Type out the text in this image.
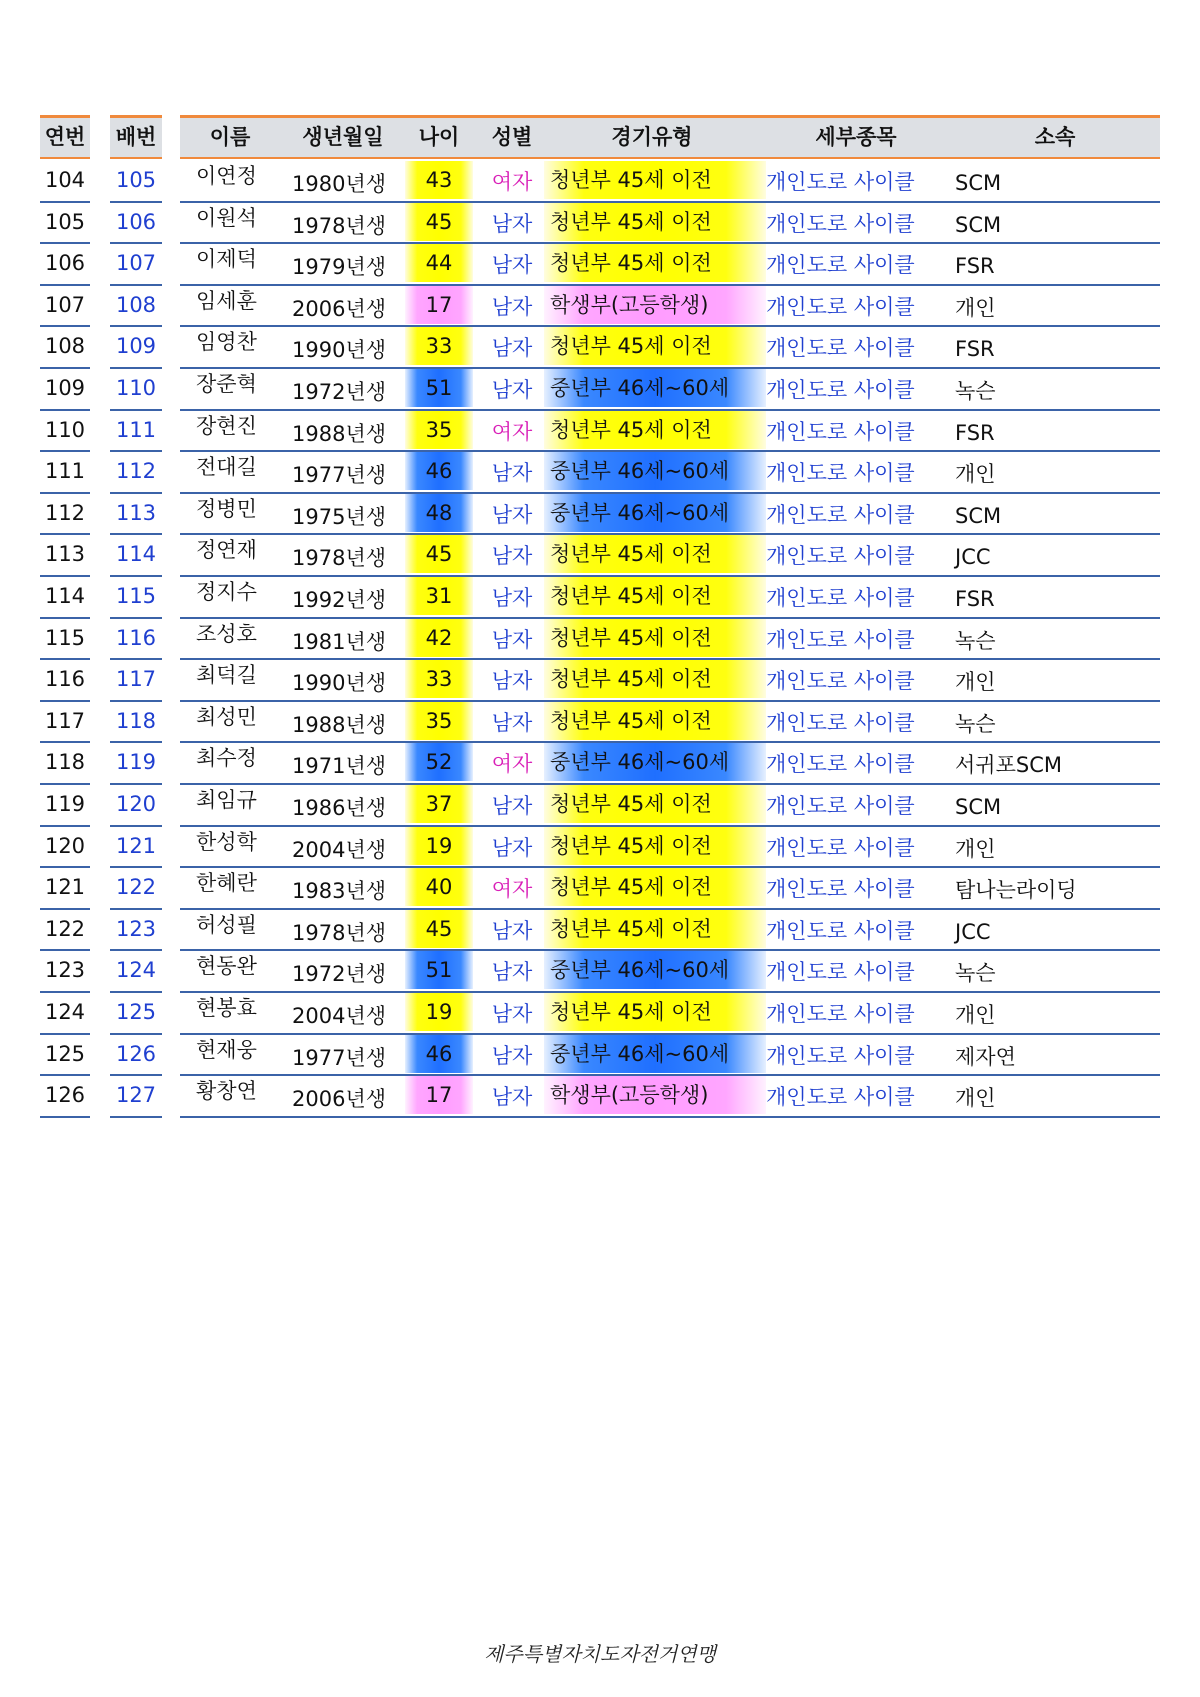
연번 배번	이름	생년월일	나이	성별	경기유형	세부종목	소속
104 105	이연정	1980년생	43	여자 청년부 45세 이전	개인도로 사이클	SCM
105 106	이원석	1978년생	45	남자 청년부 45세 이전	개인도로 사이클	SCM
106 107	이제덕	1979년생	44	남자 청년부 45세 이전	개인도로 사이클	FSR
107 108	임세훈	2006년생	17	남자 학생부(고등학생)	개인도로 사이클	개인
108 109	임영찬	1990년생	33	남자 청년부 45세 이전	개인도로 사이클	FSR
109 110	장준혁	1972년생	51	남자 중년부 46세~60세	개인도로 사이클	녹슨
110 111	장현진	1988년생	35	여자 청년부 45세 이전	개인도로 사이클	FSR
111 112	전대길	1977년생	46	남자 중년부 46세~60세	개인도로 사이클	개인
112 113	정병민	1975년생	48	남자 중년부 46세~60세	개인도로 사이클	SCM
113 114	정연재	1978년생	45	남자 청년부 45세 이전	개인도로 사이클	JCC
114 115	정지수	1992년생	31	남자 청년부 45세 이전	개인도로 사이클	FSR
115 116	조성호	1981년생	42	남자 청년부 45세 이전	개인도로 사이클	녹슨
116 117	최덕길	1990년생	33	남자 청년부 45세 이전	개인도로 사이클	개인
117 118	최성민	1988년생	35	남자 청년부 45세 이전	개인도로 사이클	녹슨
118 119	최수정	1971년생	52	여자 중년부 46세~60세	개인도로 사이클	서귀포SCM
119 120	최임규	1986년생	37	남자 청년부 45세 이전	개인도로 사이클	SCM
120 121	한성학	2004년생	19	남자 청년부 45세 이전	개인도로 사이클	개인
121 122	한혜란	1983년생	40	여자 청년부 45세 이전	개인도로 사이클	탐나는라이딩
122 123	허성필	1978년생	45	남자 청년부 45세 이전	개인도로 사이클	JCC
123 124	현동완	1972년생	51	남자 중년부 46세~60세	개인도로 사이클	녹슨
124 125	현봉효	2004년생	19	남자 청년부 45세 이전	개인도로 사이클	개인
125 126	현재웅	1977년생	46	남자 중년부 46세~60세	개인도로 사이클	제자연
126 127	황창연	2006년생	17	남자 학생부(고등학생)	개인도로 사이클	개인
제주특별자치도자전거연맹
